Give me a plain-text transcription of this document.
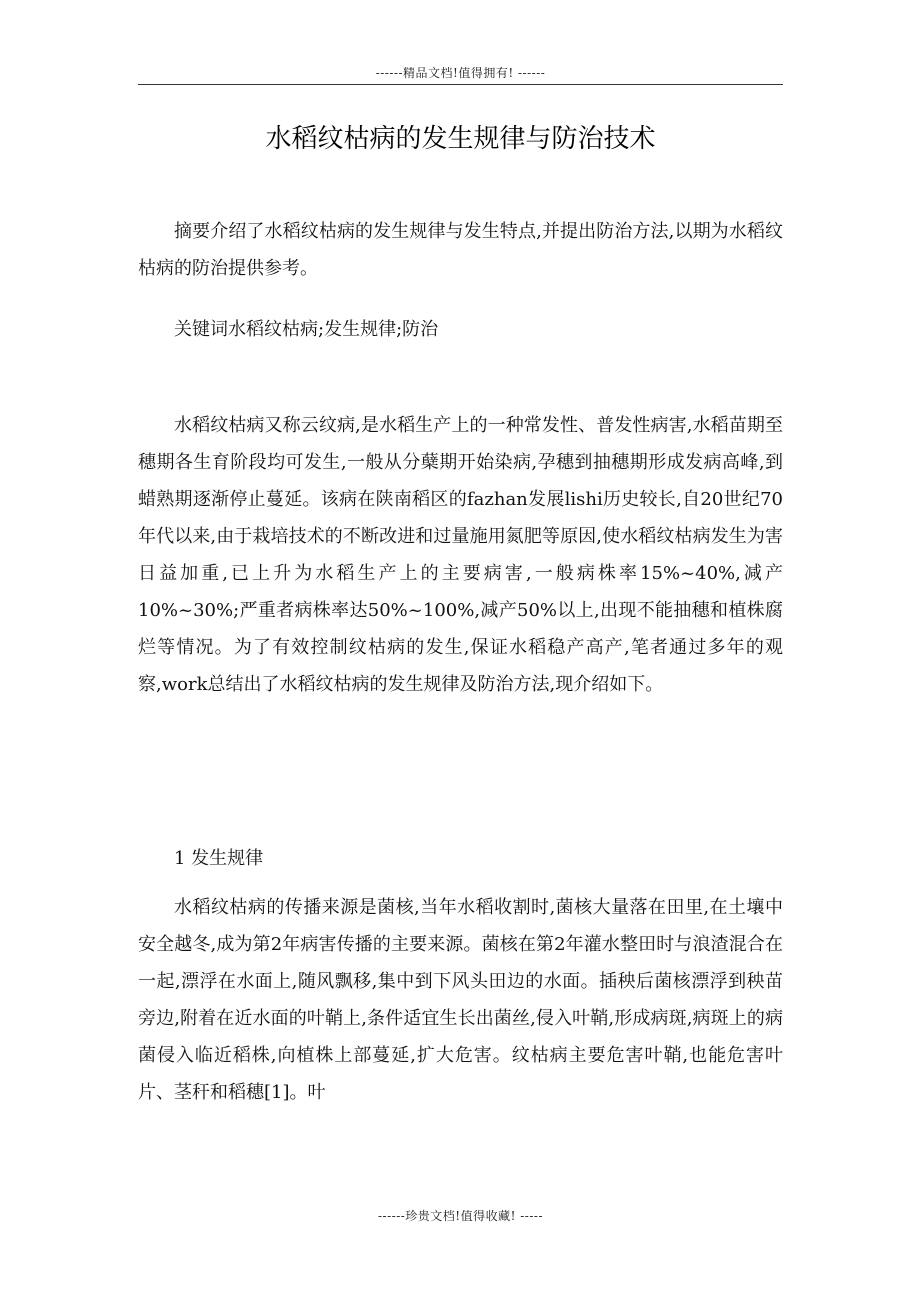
------精品文档!值得拥有! ------
水稻纹枯病的发生规律与防治技术

摘要介绍了水稻纹枯病的发生规律与发生特点,并提出防治方法,以期为水稻纹枯病的防治提供参考。

关键词水稻纹枯病;发生规律;防治

水稻纹枯病又称云纹病,是水稻生产上的一种常发性、普发性病害,水稻苗期至穗期各生育阶段均可发生,一般从分蘖期开始染病,孕穗到抽穗期形成发病高峰,到蜡熟期逐渐停止蔓延。该病在陕南稻区的fazhan发展lishi历史较长,自20世纪70年代以来,由于栽培技术的不断改进和过量施用氮肥等原因,使水稻纹枯病发生为害日益加重,已上升为水稻生产上的主要病害,一般病株率15%~40%,减产10%~30%;严重者病株率达50%~100%,减产50%以上,出现不能抽穗和植株腐烂等情况。为了有效控制纹枯病的发生,保证水稻稳产高产,笔者通过多年的观察,work总结出了水稻纹枯病的发生规律及防治方法,现介绍如下。

1 发生规律

水稻纹枯病的传播来源是菌核,当年水稻收割时,菌核大量落在田里,在土壤中安全越冬,成为第2年病害传播的主要来源。菌核在第2年灌水整田时与浪渣混合在一起,漂浮在水面上,随风飘移,集中到下风头田边的水面。插秧后菌核漂浮到秧苗旁边,附着在近水面的叶鞘上,条件适宜生长出菌丝,侵入叶鞘,形成病斑,病斑上的病菌侵入临近稻株,向植株上部蔓延,扩大危害。纹枯病主要危害叶鞘,也能危害叶片、茎秆和稻穗[1]。叶

------珍贵文档!值得收藏! -----
